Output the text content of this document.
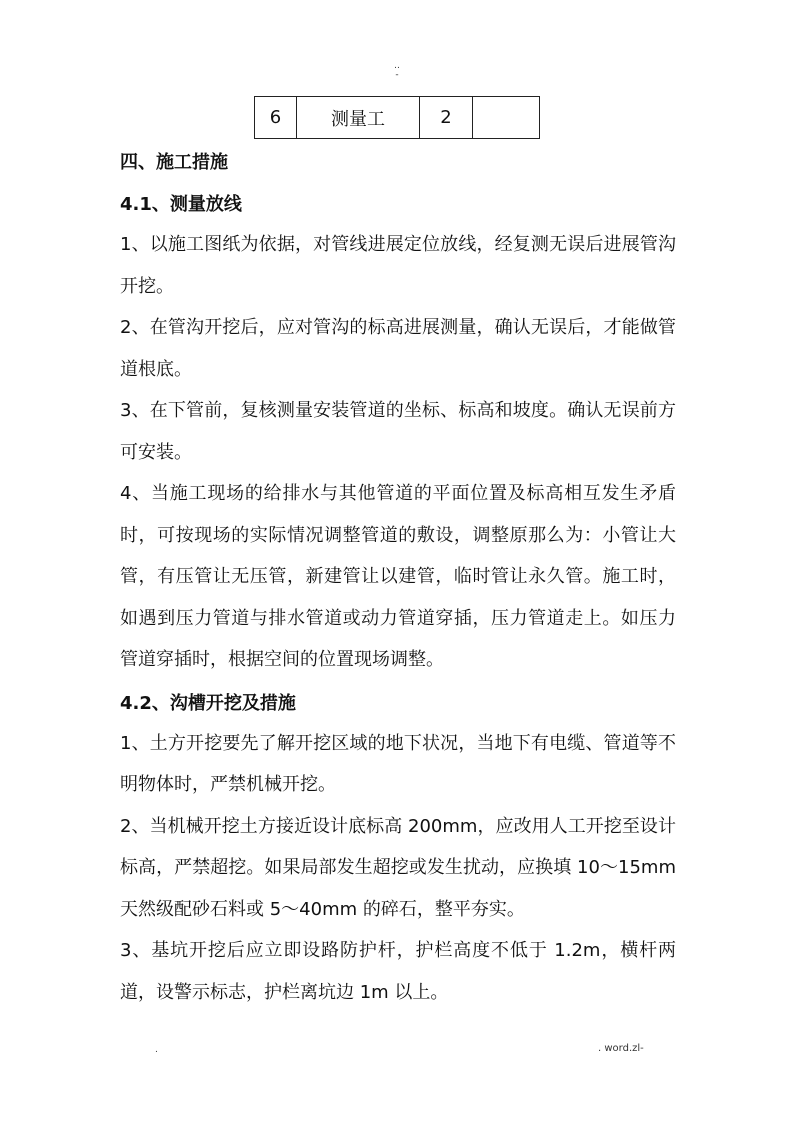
..
-
6	测量工	2	
四、施工措施
4.1、测量放线

1、以施工图纸为依据，对管线进展定位放线，经复测无误后进展管沟开挖。

2、在管沟开挖后，应对管沟的标高进展测量，确认无误后，才能做管道根底。

3、在下管前，复核测量安装管道的坐标、标高和坡度。确认无误前方可安装。

4、当施工现场的给排水与其他管道的平面位置及标高相互发生矛盾时，可按现场的实际情况调整管道的敷设，调整原那么为：小管让大管，有压管让无压管，新建管让以建管，临时管让永久管。施工时，如遇到压力管道与排水管道或动力管道穿插，压力管道走上。如压力管道穿插时，根据空间的位置现场调整。

4.2、沟槽开挖及措施

1、土方开挖要先了解开挖区域的地下状况，当地下有电缆、管道等不明物体时，严禁机械开挖。

2、当机械开挖土方接近设计底标高 200mm，应改用人工开挖至设计标高，严禁超挖。如果局部发生超挖或发生扰动，应换填 10～15mm 天然级配砂石料或 5～40mm 的碎石，整平夯实。

3、基坑开挖后应立即设路防护杆，护栏高度不低于 1.2m，横杆两道，设警示标志，护栏离坑边 1m 以上。

.	. word.zl-
